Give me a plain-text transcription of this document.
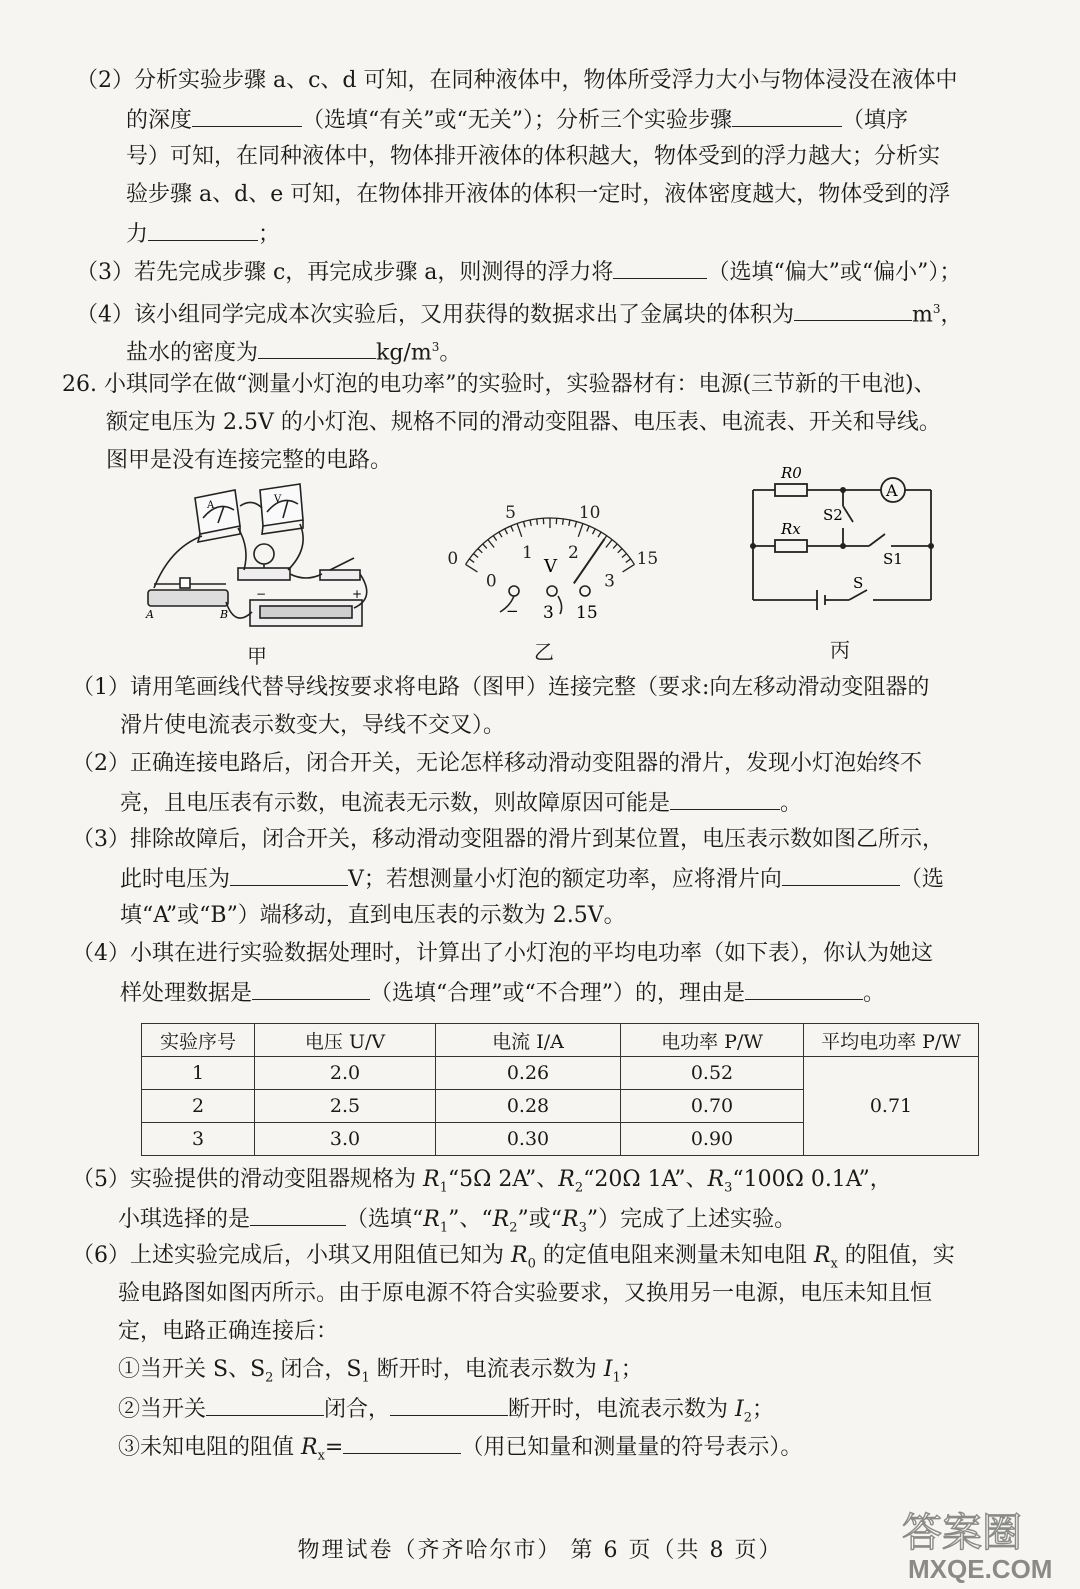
（2）分析实验步骤 a、c、d 可知，在同种液体中，物体所受浮力大小与物体浸没在液体中
的深度	（选填“有关”或“无关”）；分析三个实验步骤	（填序
号）可知，在同种液体中，物体排开液体的体积越大，物体受到的浮力越大；分析实
验步骤 a、d、e 可知，在物体排开液体的体积一定时，液体密度越大，物体受到的浮
力	；
（3）若先完成步骤 c，再完成步骤 a，则测得的浮力将	（选填“偏大”或“偏小”）；
（4）该小组同学完成本次实验后，又用获得的数据求出了金属块的体积为	$m^3$，
盐水的密度为	$kg/m^3$。
26. 小琪同学在做“测量小灯泡的电功率”的实验时，实验器材有：电源(三节新的干电池)、
额定电压为 2.5V 的小灯泡、规格不同的滑动变阻器、电压表、电流表、开关和导线。
图甲是没有连接完整的电路。
（1）请用笔画线代替导线按要求将电路（图甲）连接完整（要求:向左移动滑动变阻器的
滑片使电流表示数变大，导线不交叉）。
（2）正确连接电路后，闭合开关，无论怎样移动滑动变阻器的滑片，发现小灯泡始终不
亮，且电压表有示数，电流表无示数，则故障原因可能是	。
（3）排除故障后，闭合开关，移动滑动变阻器的滑片到某位置，电压表示数如图乙所示，
此时电压为	V；若想测量小灯泡的额定功率，应将滑片向	（选
填“A”或“B”）端移动，直到电压表的示数为 2.5V。
（4）小琪在进行实验数据处理时，计算出了小灯泡的平均电功率（如下表），你认为她这
样处理数据是	（选填“合理”或“不合理”）的，理由是	。
（5）实验提供的滑动变阻器规格为 $R_1“5\Omega$ 2A”、$R_2“20\Omega$ 1A”、$R_3“100\Omega$ 0.1A”，
小琪选择的是	（选填“$R_1$”、“$R_2$”或“$R_3$”）完成了上述实验。
（6）上述实验完成后，小琪又用阻值已知为 $R_0$ 的定值电阻来测量未知电阻 $R_x$ 的阻值，实
验电路图如图丙所示。由于原电源不符合实验要求，又换用另一电源，电压未知且恒
定，电路正确连接后：
①当开关 S、$S_2$ 闭合，$S_1$ 断开时，电流表示数为 $I_1$；
②当开关	闭合，	断开时，电流表示数为 $I_2$；
③未知电阻的阻值 $R_x=$	（用已知量和测量量的符号表示）。
A
V
A	B
+
−
甲
0
5	10
15
0
1 2
3
V
− 3 15
乙
A
R0
Rx
S2
S1
S
丙
实验序号	电压 U/V	电流 I/A	电功率 P/W	平均电功率 P/W
1	2.0	0.26	0.52	0.71
2	2.5	0.28	0.70	
3	3.0	0.30	0.90	
物理试卷（齐齐哈尔市） 第 6 页（共 8 页）	答案圈
MXQE.COM
